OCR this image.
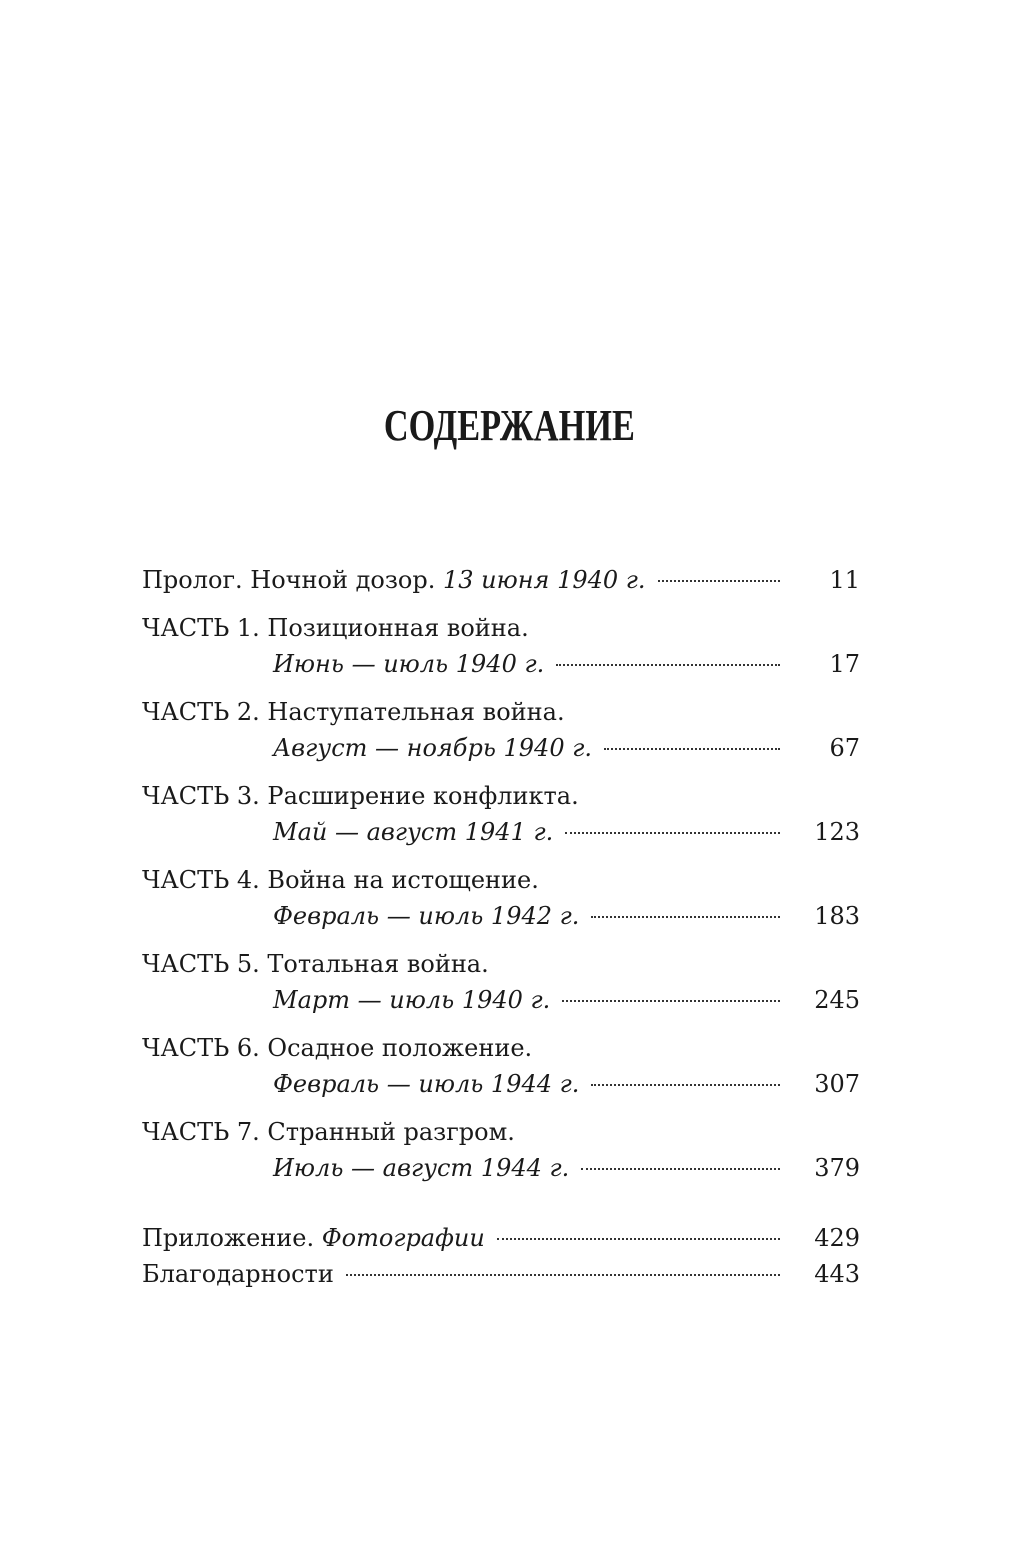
СОДЕРЖАНИЕ
Пролог. Ночной дозор. 13 июня 1940 г.	11
ЧАСТЬ 1. Позиционная война.
Июнь — июль 1940 г.	17
ЧАСТЬ 2. Наступательная война.
Август — ноябрь 1940 г.	67
ЧАСТЬ 3. Расширение конфликта.
Май — август 1941 г.	123
ЧАСТЬ 4. Война на истощение.
Февраль — июль 1942 г.	183
ЧАСТЬ 5. Тотальная война.
Март — июль 1940 г.	245
ЧАСТЬ 6. Осадное положение.
Февраль — июль 1944 г.	307
ЧАСТЬ 7. Странный разгром.
Июль — август 1944 г.	379
Приложение. Фотографии	429
Благодарности	443
